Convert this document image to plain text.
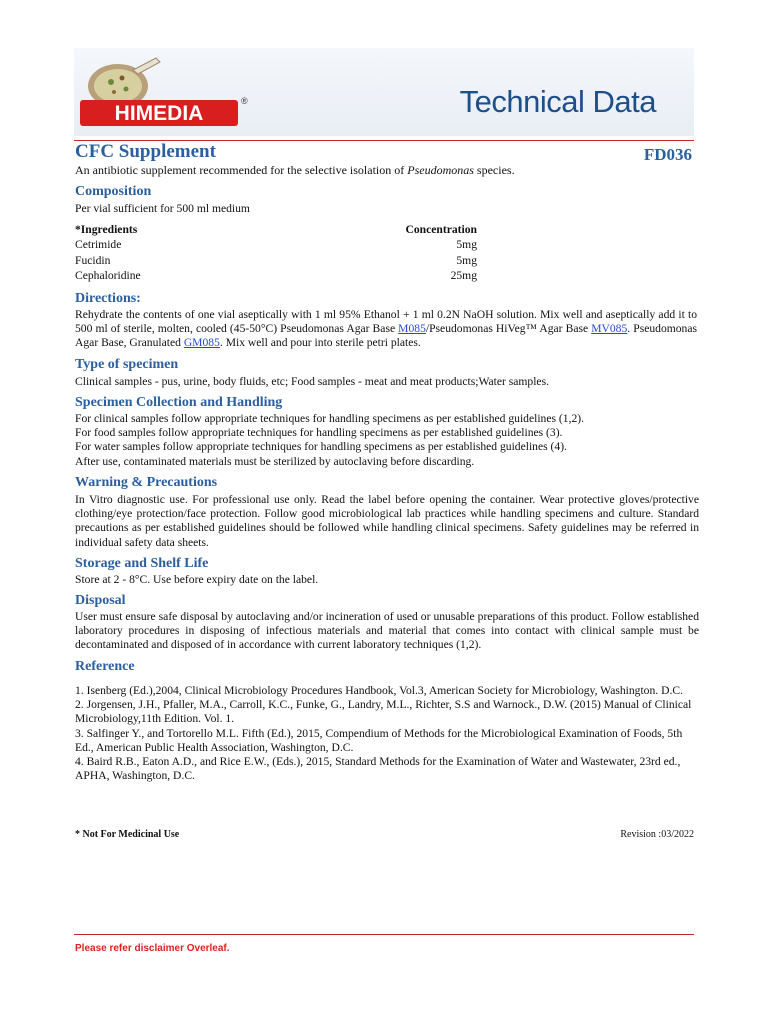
HIMEDIA
®	Technical Data
CFC Supplement	FD036
An antibiotic supplement recommended for the selective isolation of Pseudomonas species.
Composition
Per vial sufficient for 500 ml medium
*Ingredients	Concentration
Cetrimide	5mg
Fucidin	5mg
Cephaloridine	25mg
Directions:

Rehydrate the contents of one vial aseptically with 1 ml 95% Ethanol + 1 ml 0.2N NaOH solution. Mix well and aseptically add it to 500 ml of sterile, molten, cooled (45-50°C) Pseudomonas Agar Base M085/Pseudomonas HiVeg™ Agar Base MV085. Pseudomonas Agar Base, Granulated GM085. Mix well and pour into sterile petri plates.

Type of specimen
Clinical samples - pus, urine, body fluids, etc; Food samples - meat and meat products;Water samples.
Specimen Collection and Handling
For clinical samples follow appropriate techniques for handling specimens as per established guidelines (1,2).
For food samples follow appropriate techniques for handling specimens as per established guidelines (3).
For water samples follow appropriate techniques for handling specimens as per established guidelines (4).
After use, contaminated materials must be sterilized by autoclaving before discarding.
Warning & Precautions

In Vitro diagnostic use. For professional use only. Read the label before opening the container. Wear protective gloves/protective clothing/eye protection/face protection. Follow good microbiological lab practices while handling specimens and culture. Standard precautions as per established guidelines should be followed while handling clinical specimens. Safety guidelines may be referred in individual safety data sheets.

Storage and Shelf Life
Store at 2 - 8°C. Use before expiry date on the label.
Disposal

User must ensure safe disposal by autoclaving and/or incineration of used or unusable preparations of this product. Follow established laboratory procedures in disposing of infectious materials and material that comes into contact with clinical sample must be decontaminated and disposed of in accordance with current laboratory techniques (1,2).

Reference
1. Isenberg (Ed.),2004, Clinical Microbiology Procedures Handbook, Vol.3, American Society for Microbiology, Washington. D.C.
2. Jorgensen, J.H., Pfaller, M.A., Carroll, K.C., Funke, G., Landry, M.L., Richter, S.S and Warnock., D.W. (2015) Manual of Clinical Microbiology,11th Edition. Vol. 1.
3. Salfinger Y., and Tortorello M.L. Fifth (Ed.), 2015, Compendium of Methods for the Microbiological Examination of Foods, 5th Ed., American Public Health Association, Washington, D.C.
4. Baird R.B., Eaton A.D., and Rice E.W., (Eds.), 2015, Standard Methods for the Examination of Water and Wastewater, 23rd ed., APHA, Washington, D.C.
* Not For Medicinal Use	Revision :03/2022
Please refer disclaimer Overleaf.
